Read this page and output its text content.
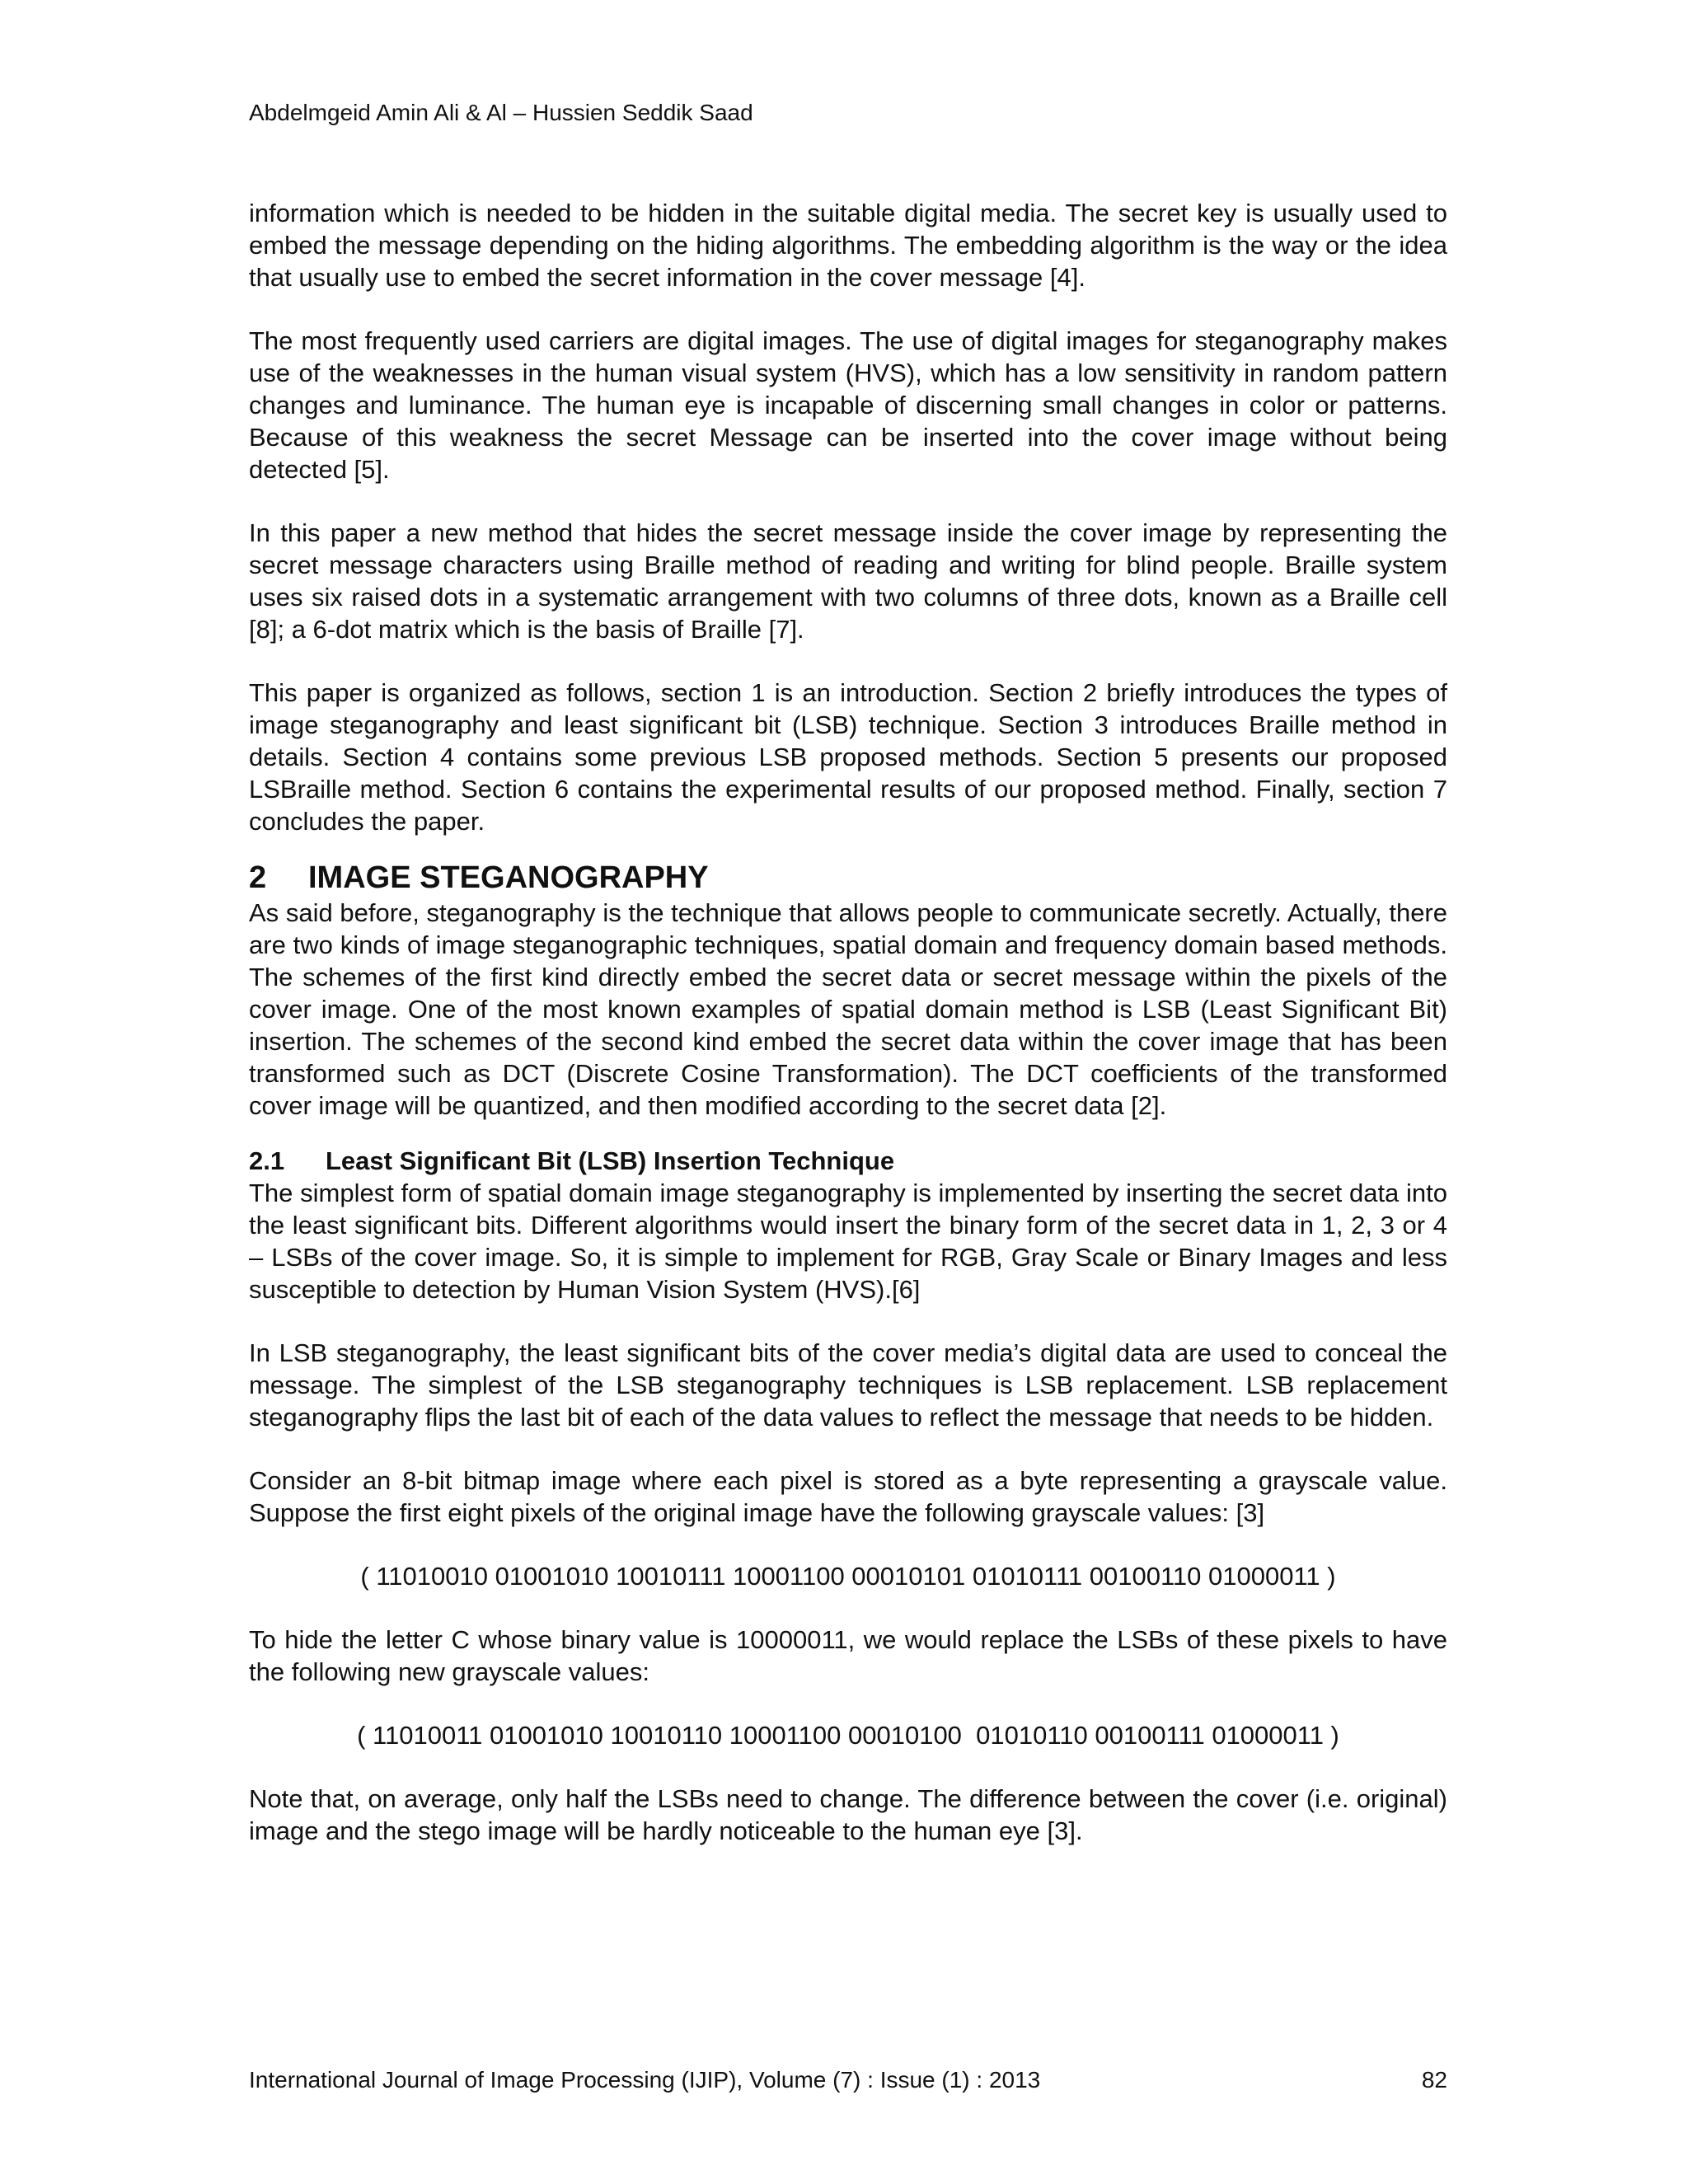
Abdelmgeid Amin Ali & Al – Hussien Seddik Saad

information which is needed to be hidden in the suitable digital media. The secret key is usually used to embed the message depending on the hiding algorithms. The embedding algorithm is the way or the idea that usually use to embed the secret information in the cover message [4].

The most frequently used carriers are digital images. The use of digital images for steganography makes use of the weaknesses in the human visual system (HVS), which has a low sensitivity in random pattern changes and luminance. The human eye is incapable of discerning small changes in color or patterns. Because of this weakness the secret Message can be inserted into the cover image without being detected [5].

In this paper a new method that hides the secret message inside the cover image by representing the secret message characters using Braille method of reading and writing for blind people. Braille system uses six raised dots in a systematic arrangement with two columns of three dots, known as a Braille cell [8]; a 6-dot matrix which is the basis of Braille [7].

This paper is organized as follows, section 1 is an introduction. Section 2 briefly introduces the types of image steganography and least significant bit (LSB) technique. Section 3 introduces Braille method in details. Section 4 contains some previous LSB proposed methods. Section 5 presents our proposed LSBraille method. Section 6 contains the experimental results of our proposed method. Finally, section 7 concludes the paper.

2 IMAGE STEGANOGRAPHY

As said before, steganography is the technique that allows people to communicate secretly. Actually, there are two kinds of image steganographic techniques, spatial domain and frequency domain based methods. The schemes of the first kind directly embed the secret data or secret message within the pixels of the cover image. One of the most known examples of spatial domain method is LSB (Least Significant Bit) insertion. The schemes of the second kind embed the secret data within the cover image that has been transformed such as DCT (Discrete Cosine Transformation). The DCT coefficients of the transformed cover image will be quantized, and then modified according to the secret data [2].

2.1 Least Significant Bit (LSB) Insertion Technique

The simplest form of spatial domain image steganography is implemented by inserting the secret data into the least significant bits. Different algorithms would insert the binary form of the secret data in 1, 2, 3 or 4 – LSBs of the cover image. So, it is simple to implement for RGB, Gray Scale or Binary Images and less susceptible to detection by Human Vision System (HVS).[6]

In LSB steganography, the least significant bits of the cover media’s digital data are used to conceal the message. The simplest of the LSB steganography techniques is LSB replacement. LSB replacement steganography flips the last bit of each of the data values to reflect the message that needs to be hidden.

Consider an 8-bit bitmap image where each pixel is stored as a byte representing a grayscale value. Suppose the first eight pixels of the original image have the following grayscale values: [3]

( 11010010 01001010 10010111 10001100 00010101 01010111 00100110 01000011 )

To hide the letter C whose binary value is 10000011, we would replace the LSBs of these pixels to have the following new grayscale values:

( 11010011 01001010 10010110 10001100 00010100  01010110 00100111 01000011 )

Note that, on average, only half the LSBs need to change. The difference between the cover (i.e. original) image and the stego image will be hardly noticeable to the human eye [3].

International Journal of Image Processing (IJIP), Volume (7) : Issue (1) : 2013	82
